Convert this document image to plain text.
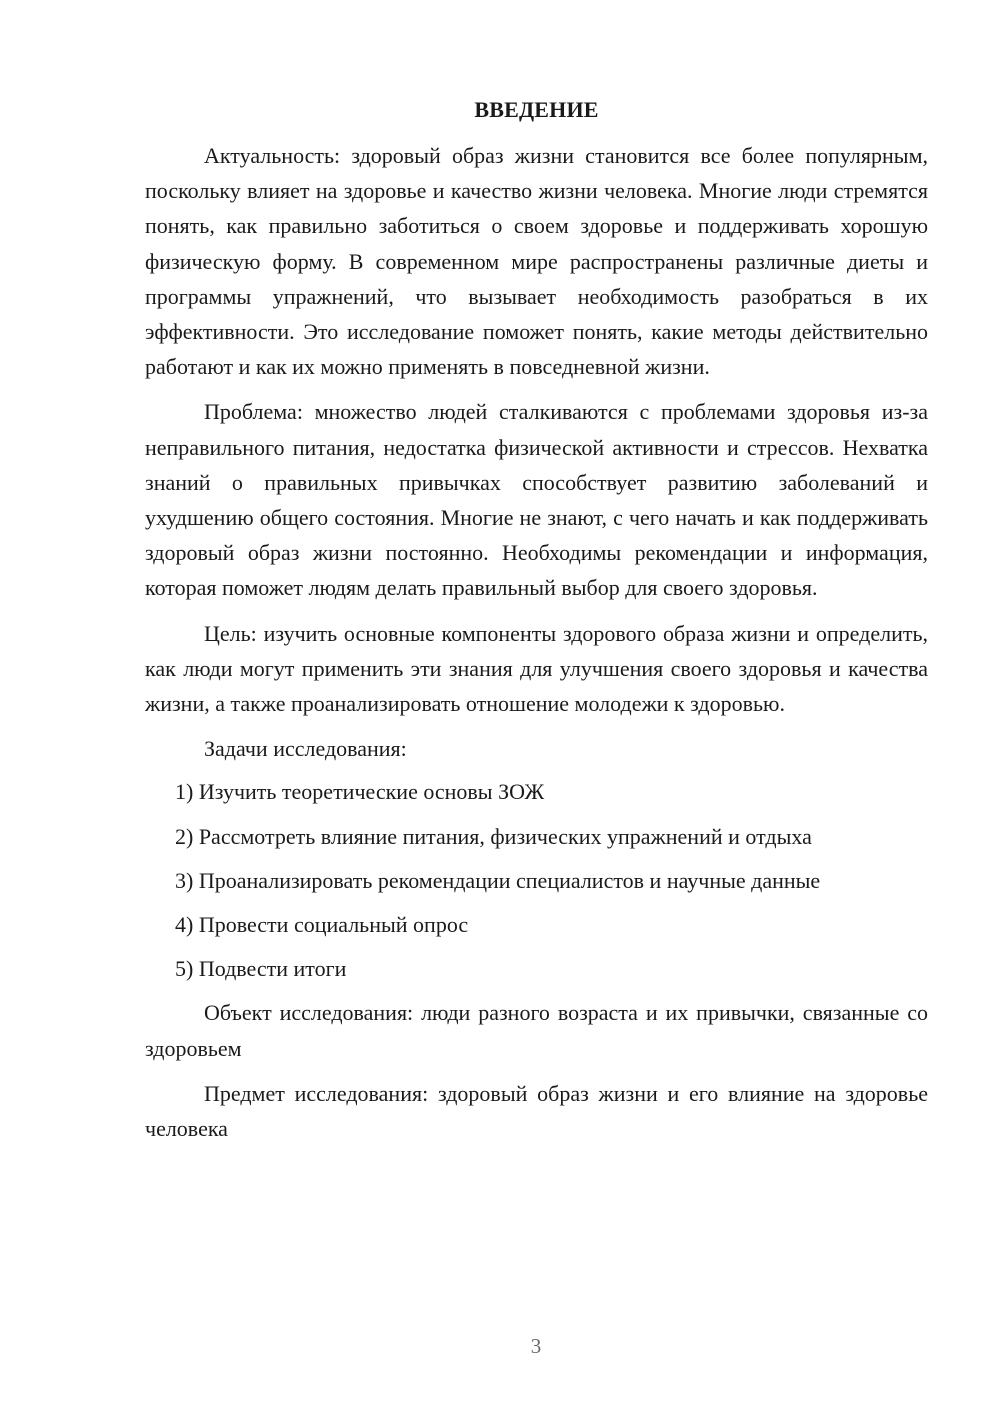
ВВЕДЕНИЕ

Актуальность: здоровый образ жизни становится все более популярным, поскольку влияет на здоровье и качество жизни человека. Многие люди стремятся понять, как правильно заботиться о своем здоровье и поддерживать хорошую физическую форму. В современном мире распространены различные диеты и программы упражнений, что вызывает необходимость разобраться в их эффективности. Это исследование поможет понять, какие методы действительно работают и как их можно применять в повседневной жизни.

Проблема: множество людей сталкиваются с проблемами здоровья из-за неправильного питания, недостатка физической активности и стрессов. Нехватка знаний о правильных привычках способствует развитию заболеваний и ухудшению общего состояния. Многие не знают, с чего начать и как поддерживать здоровый образ жизни постоянно. Необходимы рекомендации и информация, которая поможет людям делать правильный выбор для своего здоровья.

Цель: изучить основные компоненты здорового образа жизни и определить, как люди могут применить эти знания для улучшения своего здоровья и качества жизни, а также проанализировать отношение молодежи к здоровью.

Задачи исследования:

1) Изучить теоретические основы ЗОЖ

2) Рассмотреть влияние питания, физических упражнений и отдыха

3) Проанализировать рекомендации специалистов и научные данные

4) Провести социальный опрос

5) Подвести итоги

Объект исследования: люди разного возраста и их привычки, связанные со здоровьем

Предмет исследования: здоровый образ жизни и его влияние на здоровье человека

3
